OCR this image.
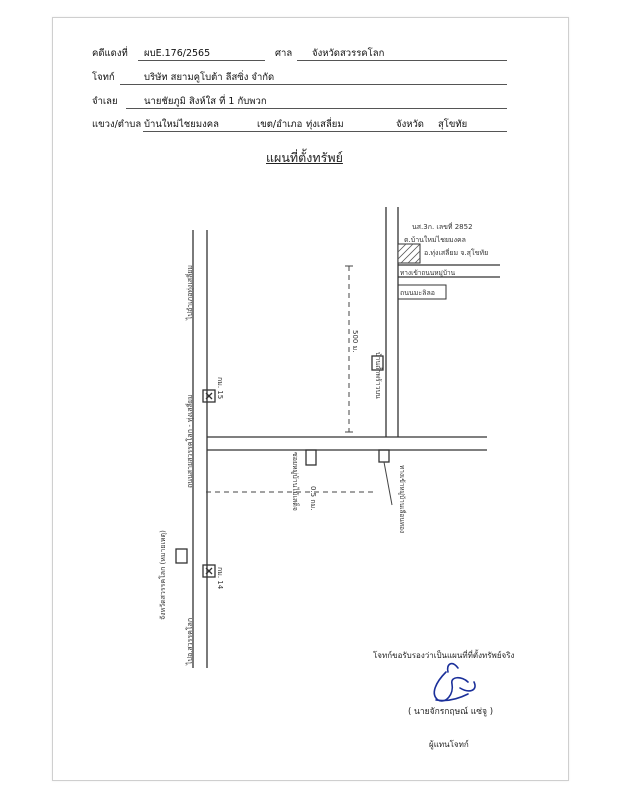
คดีแดงที่ ผบE.176/2565	ศาล จังหวัดสวรรคโลก
โจทก์	บริษัท สยามคูโบต้า ลีสซิ่ง จำกัด
จำเลย	นายชัยภูมิ สิงห์ใส ที่ 1 กับพวก
แขวง/ตำบล บ้านใหม่ไชยมงคล	เขต/อำเภอ ทุ่งเสลี่ยม	จังหวัด สุโขทัย
แผนที่ตั้งทรัพย์
นส.3ก. เลขที่ 2852
ต.บ้านใหม่ไชยมงคล
อ.ทุ่งเสลี่ยม จ.สุโขทัย
ทางเข้าถนนหมู่บ้าน
ถนนมะลิลอ
500 ม.
บ้านถ้ำพร้าวบน
0.5 กม.
ซอยหมู่บ้านไม้เสด็จ	ทางเข้าหมู่บ้านเลื่อนทอง
กม. 15
กม. 14
ไปอำเภอทุ่งเสลี่ยม
ถนนสายสวรรคโลก - ทุ่งเสลี่ยม
จังหวัดสวรรคโลก (หมายเหตุ)
ไปอ.สวรรคโลก	โจทก์ขอรับรองว่าเป็นแผนที่ที่ตั้งทรัพย์จริง
( นายจักรกฤษณ์ แซ่จู )
ผู้แทนโจทก์
